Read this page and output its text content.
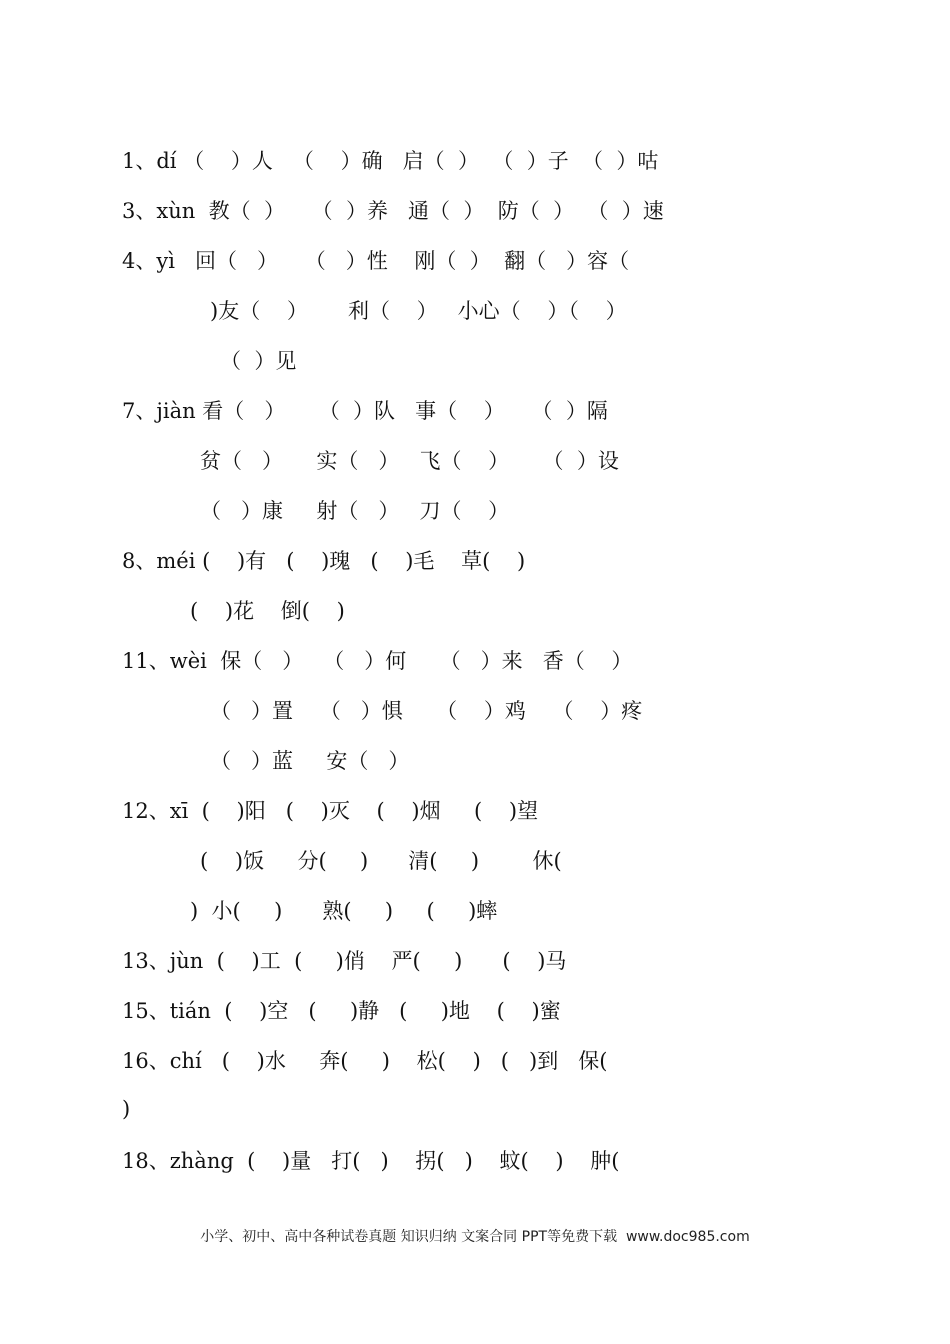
1、dí （    ）人   （    ）确   启（  ）  （  ）子  （  ）咕
3、xùn  教（  ）    （  ）养   通（  ）  防（  ）  （  ）速
4、yì   回（   ）    （   ）性    刚（  ）  翻（   ）容（
)友（    ）      利（    ）   小心（    ）（    ）
（  ）见
7、jiàn 看（   ）     （  ）队   事（    ）    （  ）隔
贫（   ）     实（   ）   飞（    ）     （  ）设
（   ）康     射（   ）   刀（    ）
8、méi (    )有   (    )瑰   (    )毛    草(    )
(    )花    倒(    )
11、wèi  保（   ）   （   ）何     （   ）来   香（    ）
（   ）置    （   ）惧     （    ）鸡    （    ）疼
（   ）蓝     安（   ）
12、xī  (    )阳   (    )灭    (    )烟     (    )望
(    )饭     分(     )      清(     )        休(
)  小(     )      熟(     )     (     )蟀
13、jùn  (    )工  (     )俏    严(     )      (    )马
15、tián  (    )空   (     )静   (     )地    (    )蜜
16、chí   (    )水     奔(     )    松(    )   (   )到   保(
)
18、zhàng  (    )量   打(   )    拐(   )    蚊(    )    肿(
小学、初中、高中各种试卷真题 知识归纳 文案合同 PPT等免费下载  www.doc985.com
